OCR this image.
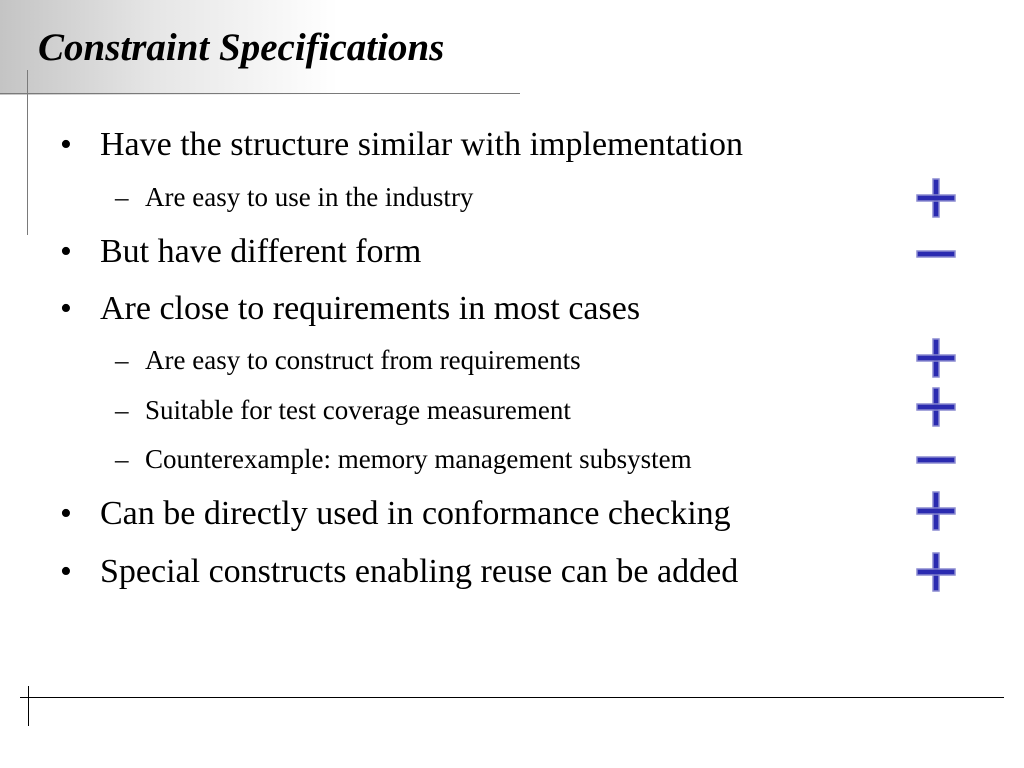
Constraint Specifications
• Have the structure similar with implementation
– Are easy to use in the industry
• But have different form
• Are close to requirements in most cases
– Are easy to construct from requirements
– Suitable for test coverage measurement
– Counterexample: memory management subsystem
• Can be directly used in conformance checking
• Special constructs enabling reuse can be added
